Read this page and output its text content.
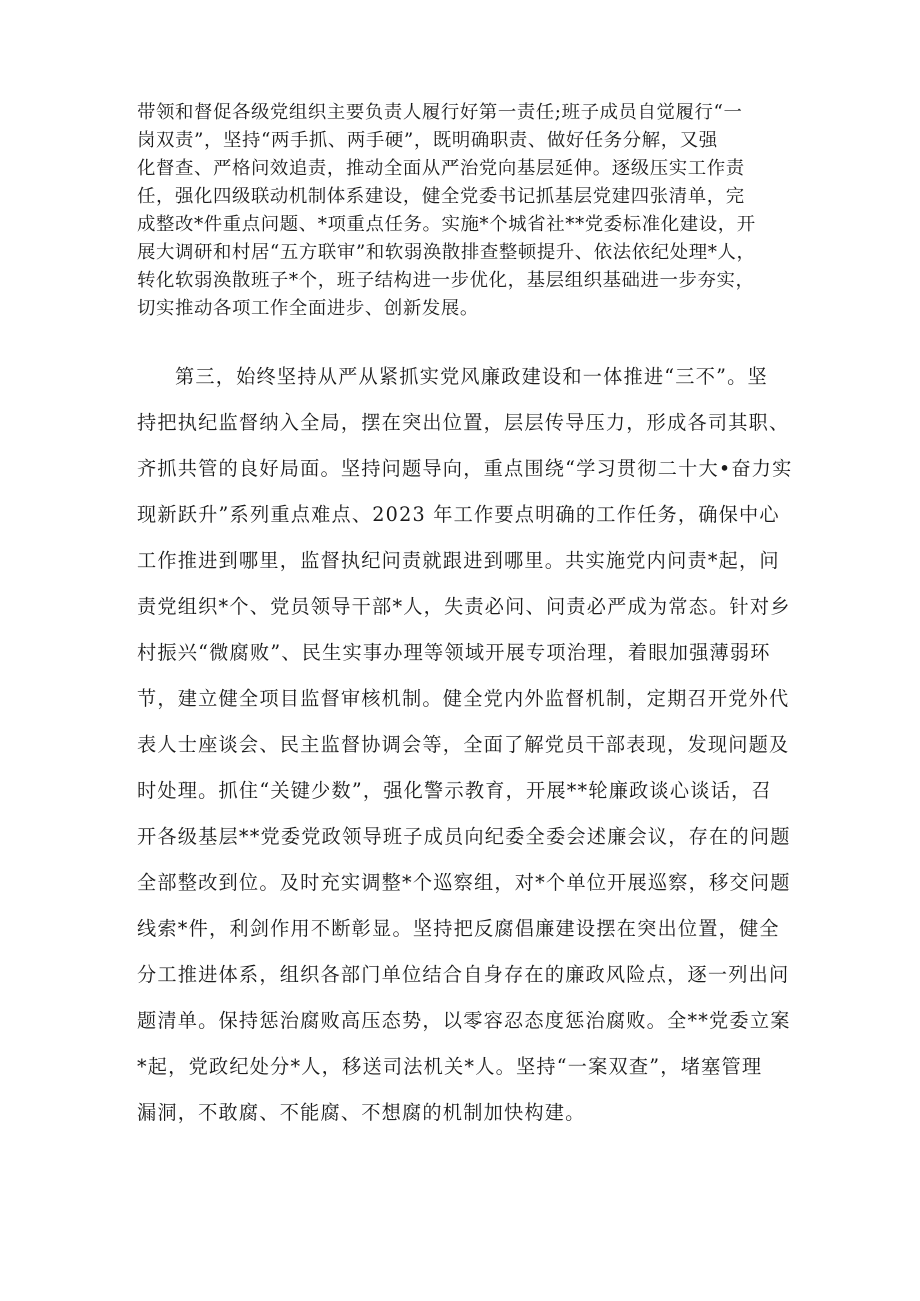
带领和督促各级党组织主要负责人履行好第一责任;班子成员自觉履行“一

岗双责”，坚持“两手抓、两手硬”，既明确职责、做好任务分解，又强

化督查、严格问效追责，推动全面从严治党向基层延伸。逐级压实工作责

任，强化四级联动机制体系建设，健全党委书记抓基层党建四张清单，完

成整改*件重点问题、*项重点任务。实施*个城省社**党委标准化建设，开

展大调研和村居“五方联审”和软弱涣散排查整顿提升、依法依纪处理*人，

转化软弱涣散班子*个，班子结构进一步优化，基层组织基础进一步夯实，

切实推动各项工作全面进步、创新发展。

第三，始终坚持从严从紧抓实党风廉政建设和一体推进“三不”。坚

持把执纪监督纳入全局，摆在突出位置，层层传导压力，形成各司其职、

齐抓共管的良好局面。坚持问题导向，重点围绕“学习贯彻二十大•奋力实

现新跃升”系列重点难点、2023 年工作要点明确的工作任务，确保中心

工作推进到哪里，监督执纪问责就跟进到哪里。共实施党内问责*起，问

责党组织*个、党员领导干部*人，失责必问、问责必严成为常态。针对乡

村振兴“微腐败”、民生实事办理等领域开展专项治理，着眼加强薄弱环

节，建立健全项目监督审核机制。健全党内外监督机制，定期召开党外代

表人士座谈会、民主监督协调会等，全面了解党员干部表现，发现问题及

时处理。抓住“关键少数”，强化警示教育，开展**轮廉政谈心谈话，召

开各级基层**党委党政领导班子成员向纪委全委会述廉会议，存在的问题

全部整改到位。及时充实调整*个巡察组，对*个单位开展巡察，移交问题

线索*件，利剑作用不断彰显。坚持把反腐倡廉建设摆在突出位置，健全

分工推进体系，组织各部门单位结合自身存在的廉政风险点，逐一列出问

题清单。保持惩治腐败高压态势，以零容忍态度惩治腐败。全**党委立案

*起，党政纪处分*人，移送司法机关*人。坚持“一案双查”，堵塞管理

漏洞，不敢腐、不能腐、不想腐的机制加快构建。
